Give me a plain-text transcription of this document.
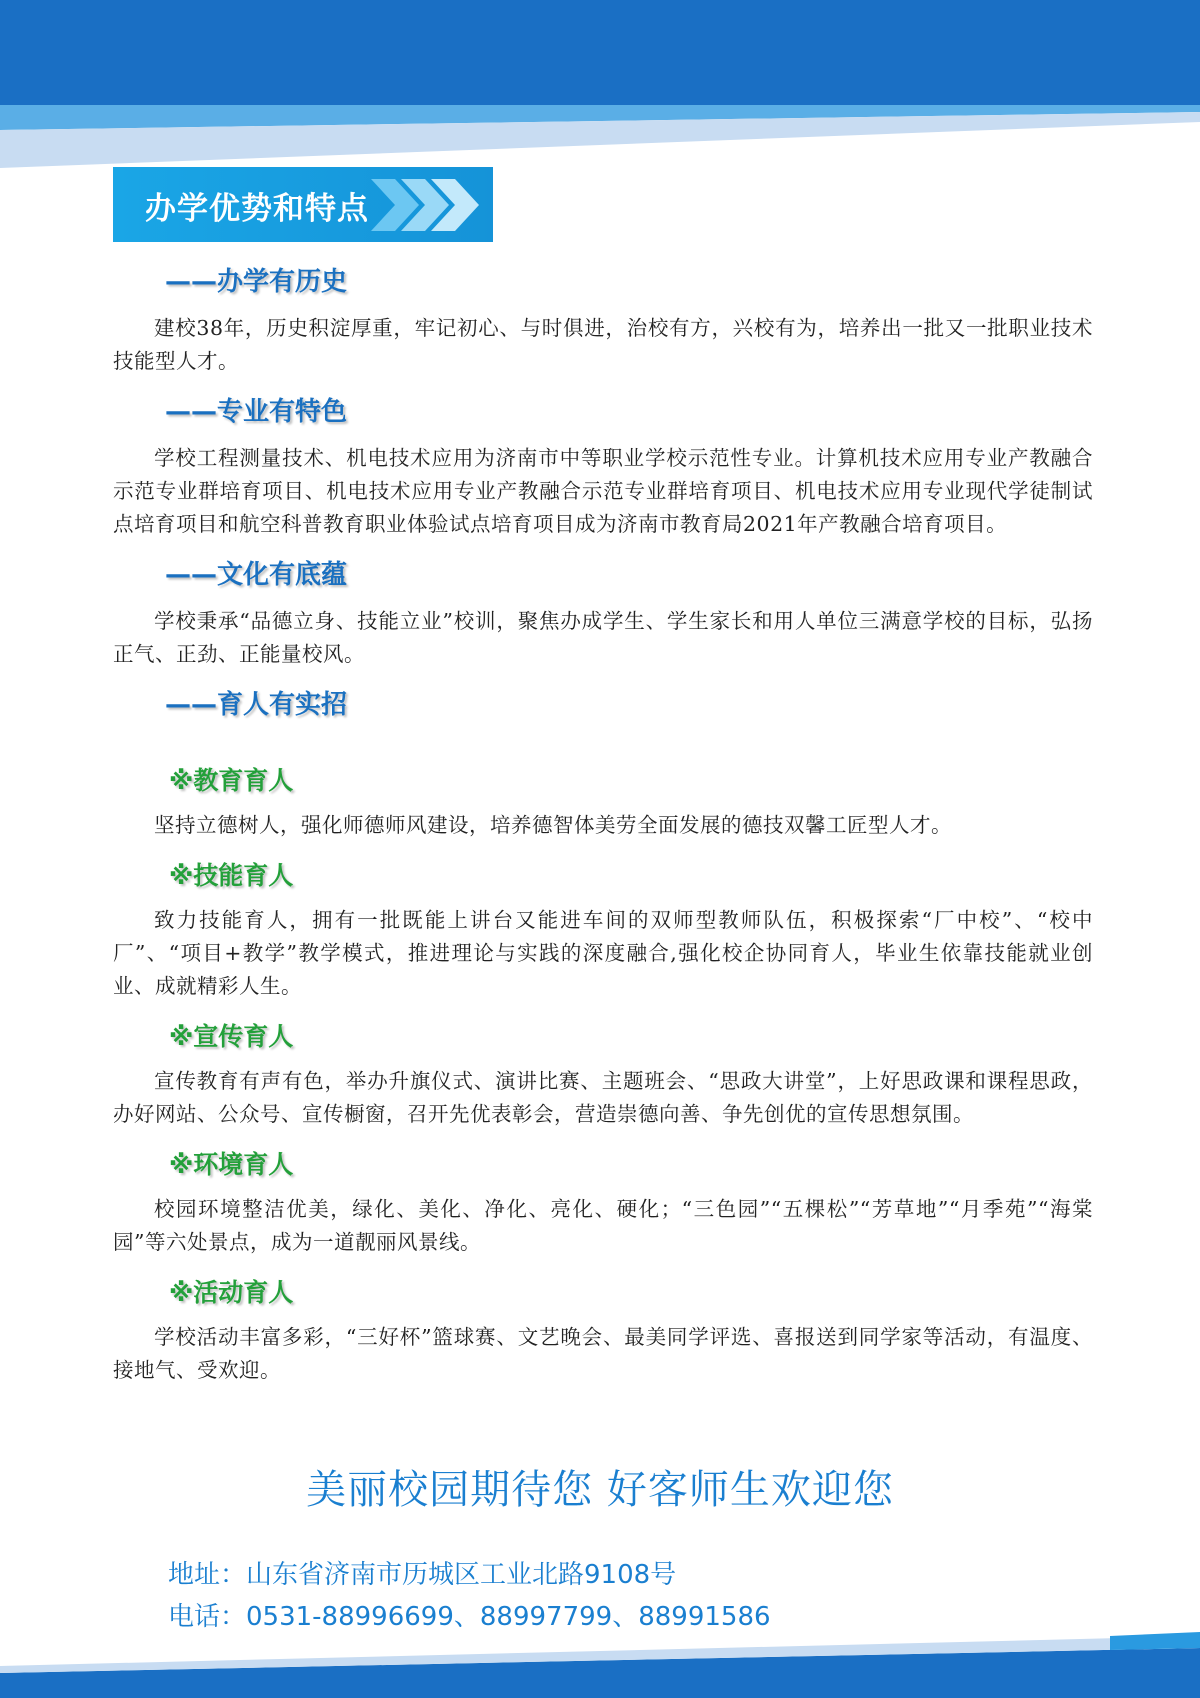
办学优势和特点
——办学有历史

建校38年，历史积淀厚重，牢记初心、与时俱进，治校有方，兴校有为，培养出一批又一批职业技术技能型人才。

——专业有特色

学校工程测量技术、机电技术应用为济南市中等职业学校示范性专业。计算机技术应用专业产教融合示范专业群培育项目、机电技术应用专业产教融合示范专业群培育项目、机电技术应用专业现代学徒制试点培育项目和航空科普教育职业体验试点培育项目成为济南市教育局2021年产教融合培育项目。

——文化有底蕴

学校秉承“品德立身、技能立业”校训，聚焦办成学生、学生家长和用人单位三满意学校的目标，弘扬正气、正劲、正能量校风。

——育人有实招
※教育育人

坚持立德树人，强化师德师风建设，培养德智体美劳全面发展的德技双馨工匠型人才。

※技能育人

致力技能育人，拥有一批既能上讲台又能进车间的双师型教师队伍，积极探索“厂中校”、“校中厂”、“项目+教学”教学模式，推进理论与实践的深度融合,强化校企协同育人，毕业生依靠技能就业创业、成就精彩人生。

※宣传育人

宣传教育有声有色，举办升旗仪式、演讲比赛、主题班会、“思政大讲堂”，上好思政课和课程思政，办好网站、公众号、宣传橱窗，召开先优表彰会，营造崇德向善、争先创优的宣传思想氛围。

※环境育人

校园环境整洁优美，绿化、美化、净化、亮化、硬化；“三色园”“五棵松”“芳草地”“月季苑”“海棠园”等六处景点，成为一道靓丽风景线。

※活动育人

学校活动丰富多彩，“三好杯”篮球赛、文艺晚会、最美同学评选、喜报送到同学家等活动，有温度、接地气、受欢迎。

美丽校园期待您 好客师生欢迎您
地址：山东省济南市历城区工业北路9108号
电话：0531-88996699、88997799、88991586
